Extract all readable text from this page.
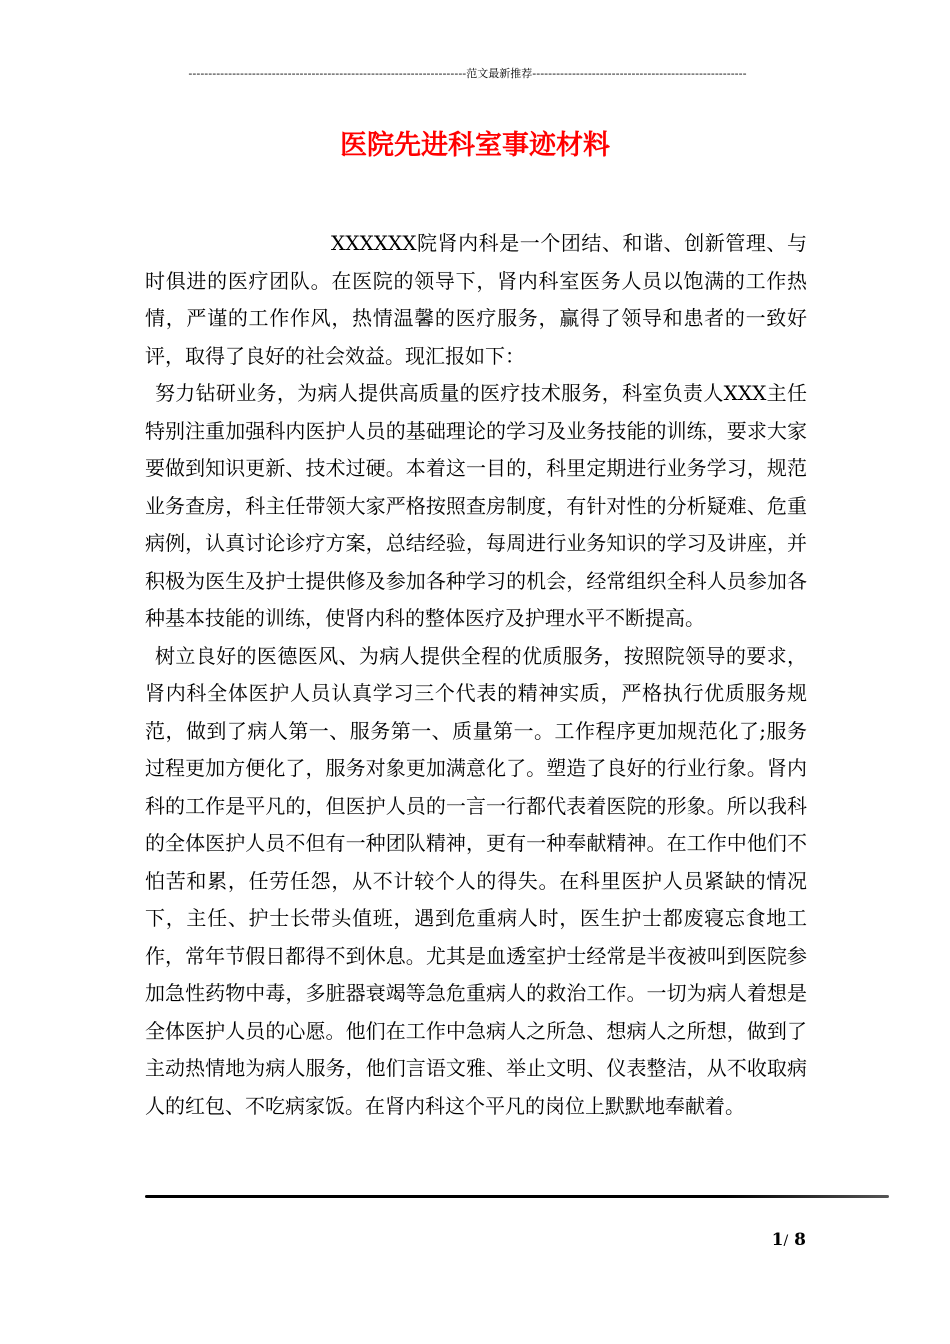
----------------------------------------------------------------------范文最新推荐------------------------------------------------------
医院先进科室事迹材料

XXXXXX院肾内科是一个团结、和谐、创新管理、与时俱进的医疗团队。在医院的领导下，肾内科室医务人员以饱满的工作热情，严谨的工作作风，热情温馨的医疗服务，赢得了领导和患者的一致好评，取得了良好的社会效益。现汇报如下：

努力钻研业务，为病人提供高质量的医疗技术服务，科室负责人XXX主任特别注重加强科内医护人员的基础理论的学习及业务技能的训练，要求大家要做到知识更新、技术过硬。本着这一目的，科里定期进行业务学习，规范业务查房，科主任带领大家严格按照查房制度，有针对性的分析疑难、危重病例，认真讨论诊疗方案，总结经验，每周进行业务知识的学习及讲座，并积极为医生及护士提供修及参加各种学习的机会，经常组织全科人员参加各种基本技能的训练，使肾内科的整体医疗及护理水平不断提高。

树立良好的医德医风、为病人提供全程的优质服务，按照院领导的要求，肾内科全体医护人员认真学习三个代表的精神实质，严格执行优质服务规范，做到了病人第一、服务第一、质量第一。工作程序更加规范化了;服务过程更加方便化了，服务对象更加满意化了。塑造了良好的行业行象。肾内科的工作是平凡的，但医护人员的一言一行都代表着医院的形象。所以我科的全体医护人员不但有一种团队精神，更有一种奉献精神。在工作中他们不怕苦和累，任劳任怨，从不计较个人的得失。在科里医护人员紧缺的情况下，主任、护士长带头值班，遇到危重病人时，医生护士都废寝忘食地工作，常年节假日都得不到休息。尤其是血透室护士经常是半夜被叫到医院参加急性药物中毒，多脏器衰竭等急危重病人的救治工作。一切为病人着想是全体医护人员的心愿。他们在工作中急病人之所急、想病人之所想，做到了主动热情地为病人服务，他们言语文雅、举止文明、仪表整洁，从不收取病人的红包、不吃病家饭。在肾内科这个平凡的岗位上默默地奉献着。

1/ 8
